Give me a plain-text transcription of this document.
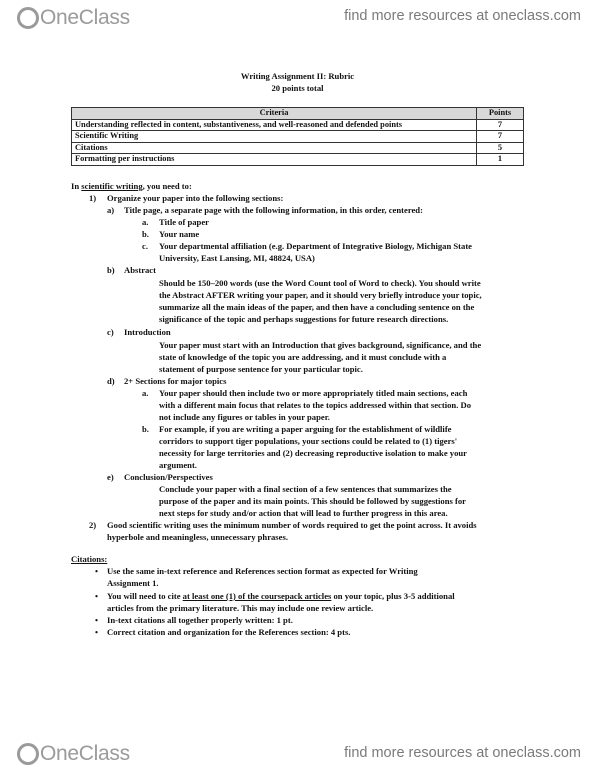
OneClass	find more resources at oneclass.com
Writing Assignment II: Rubric
20 points total
Criteria	Points
Understanding reflected in content, substantiveness, and well-reasoned and defended points	7
Scientific Writing	7
Citations	5
Formatting per instructions	1
In scientific writing, you need to:
1) Organize your paper into the following sections:
a) Title page, a separate page with the following information, in this order, centered:
a. Title of paper
b. Your name
c. Your departmental affiliation (e.g. Department of Integrative Biology, Michigan State
University, East Lansing, MI, 48824, USA)
b) Abstract
Should be 150–200 words (use the Word Count tool of Word to check). You should write
the Abstract AFTER writing your paper, and it should very briefly introduce your topic,
summarize all the main ideas of the paper, and then have a concluding sentence on the
significance of the topic and perhaps suggestions for future research directions.
c) Introduction
Your paper must start with an Introduction that gives background, significance, and the
state of knowledge of the topic you are addressing, and it must conclude with a
statement of purpose sentence for your particular topic.
d) 2+ Sections for major topics
a. Your paper should then include two or more appropriately titled main sections, each
with a different main focus that relates to the topics addressed within that section. Do
not include any figures or tables in your paper.
b. For example, if you are writing a paper arguing for the establishment of wildlife
corridors to support tiger populations, your sections could be related to (1) tigers'
necessity for large territories and (2) decreasing reproductive isolation to make your
argument.
e) Conclusion/Perspectives
Conclude your paper with a final section of a few sentences that summarizes the
purpose of the paper and its main points. This should be followed by suggestions for
next steps for study and/or action that will lead to further progress in this area.
2) Good scientific writing uses the minimum number of words required to get the point across. It avoids
hyperbole and meaningless, unnecessary phrases.
Citations:
• Use the same in-text reference and References section format as expected for Writing
Assignment 1.
• You will need to cite at least one (1) of the coursepack articles on your topic, plus 3-5 additional
articles from the primary literature. This may include one review article.
• In-text citations all together properly written: 1 pt.
• Correct citation and organization for the References section: 4 pts.
OneClass	find more resources at oneclass.com
